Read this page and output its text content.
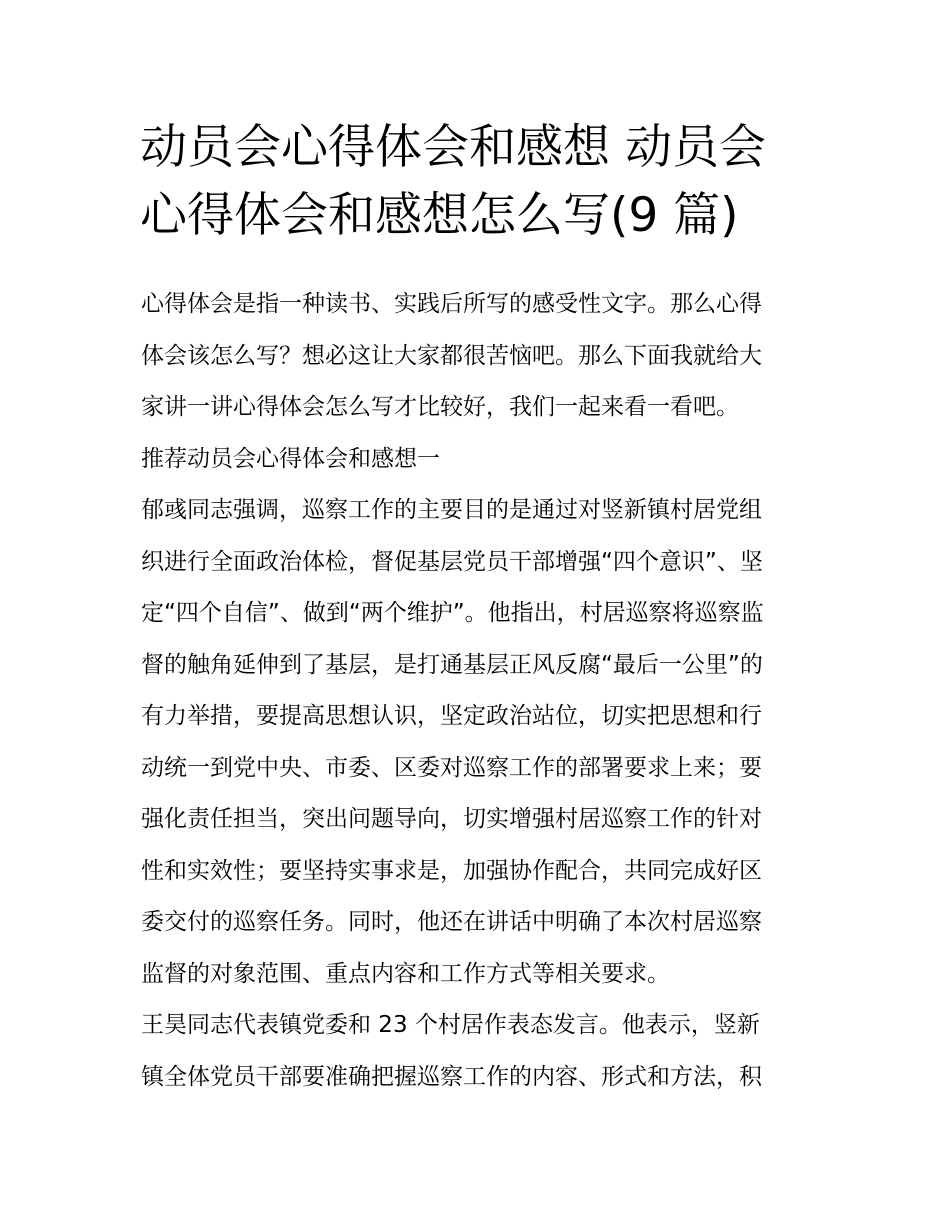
动员会心得体会和感想 动员会
心得体会和感想怎么写(9 篇)
心得体会是指一种读书、实践后所写的感受性文字。那么心得
体会该怎么写？想必这让大家都很苦恼吧。那么下面我就给大
家讲一讲心得体会怎么写才比较好，我们一起来看一看吧。
推荐动员会心得体会和感想一
郁彧同志强调，巡察工作的主要目的是通过对竖新镇村居党组
织进行全面政治体检，督促基层党员干部增强“四个意识”、坚
定“四个自信”、做到“两个维护”。他指出，村居巡察将巡察监
督的触角延伸到了基层，是打通基层正风反腐“最后一公里”的
有力举措，要提高思想认识，坚定政治站位，切实把思想和行
动统一到党中央、市委、区委对巡察工作的部署要求上来；要
强化责任担当，突出问题导向，切实增强村居巡察工作的针对
性和实效性；要坚持实事求是，加强协作配合，共同完成好区
委交付的巡察任务。同时，他还在讲话中明确了本次村居巡察
监督的对象范围、重点内容和工作方式等相关要求。
王昊同志代表镇党委和 23 个村居作表态发言。他表示，竖新
镇全体党员干部要准确把握巡察工作的内容、形式和方法，积
